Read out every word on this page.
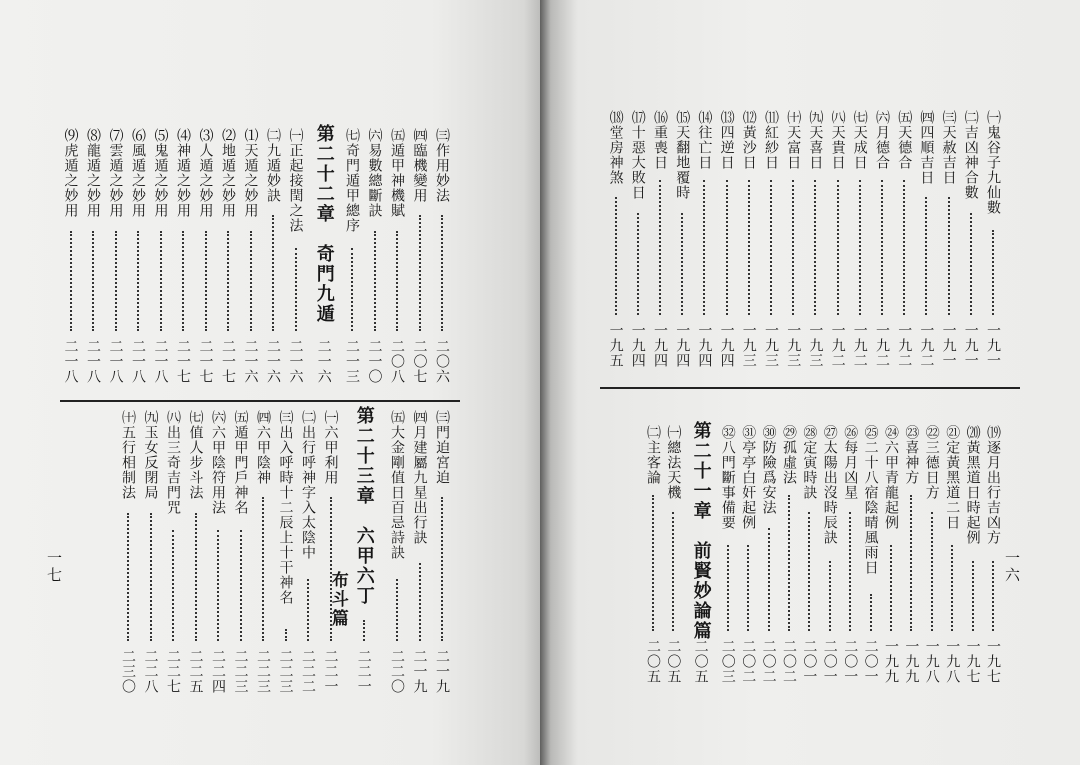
一七
㈢作用妙法
二〇六
㈣臨機變用
二〇七
㈤遁甲神機賦
二〇八
㈥易數總斷訣
二一〇
㈦奇門遁甲總序
二一三
第二十二章　奇門九遁
二一六
㈠正起接閏之法
二一六
㈡九遁妙訣
二一六
⑴天遁之妙用
二一六
⑵地遁之妙用
二一七
⑶人遁之妙用
二一七
⑷神遁之妙用
二一七
⑸鬼遁之妙用
二一八
⑹風遁之妙用
二一八
⑺雲遁之妙用
二一八
⑻龍遁之妙用
二一八
⑼虎遁之妙用
二一八
㈢門迫宮迫
二一九
㈣月建屬九星出行訣
二一九
㈤大金剛值日百忌詩訣
二二〇
第二十三章　六甲六丁
布斗篇
二二一
㈠六甲利用
二二一
㈡出行呼神字入太陰中
二二二
㈢出入呼時十二辰上十干神名
二二三
㈣六甲陰神
二二三
㈤遁甲門戶神名
二二三
㈥六甲陰符用法
二二四
㈦值人步斗法
二二五
㈧出三奇吉門咒
二二七
㈨玉女反閉局
二二八
㈩五行相制法
二三〇
一六
㈠鬼谷子九仙數
一九一
㈡吉凶神合數
一九一
㈢天赦吉日
一九一
㈣四順吉日
一九二
㈤天德合
一九二
㈥月德合
一九二
㈦天成日
一九二
㈧天貴日
一九二
㈨天喜日
一九三
㈩天富日
一九三
⑾紅紗日
一九三
⑿黃沙日
一九三
⒀四逆日
一九四
⒁往亡日
一九四
⒂天翻地覆時
一九四
⒃重喪日
一九四
⒄十惡大敗日
一九四
⒅堂房神煞
一九五
⒆逐月出行吉凶方
一九七
⒇黃黑道日時起例
一九七
㉑定黃黑道二日
一九八
㉒三德日方
一九八
㉓喜神方
一九九
㉔六甲青龍起例
一九九
㉕二十八宿陰晴風雨日
二〇一
㉖每月凶星
二〇一
㉗太陽出沒時辰訣
二〇一
㉘定寅時訣
二〇一
㉙孤虛法
二〇二
㉚防險爲安法
二〇二
㉛亭亭白奸起例
二〇二
㉜八門斷事備要
二〇三
第二十一章　前賢妙論篇
二〇五
㈠總法天機
二〇五
㈡主客論
二〇五
